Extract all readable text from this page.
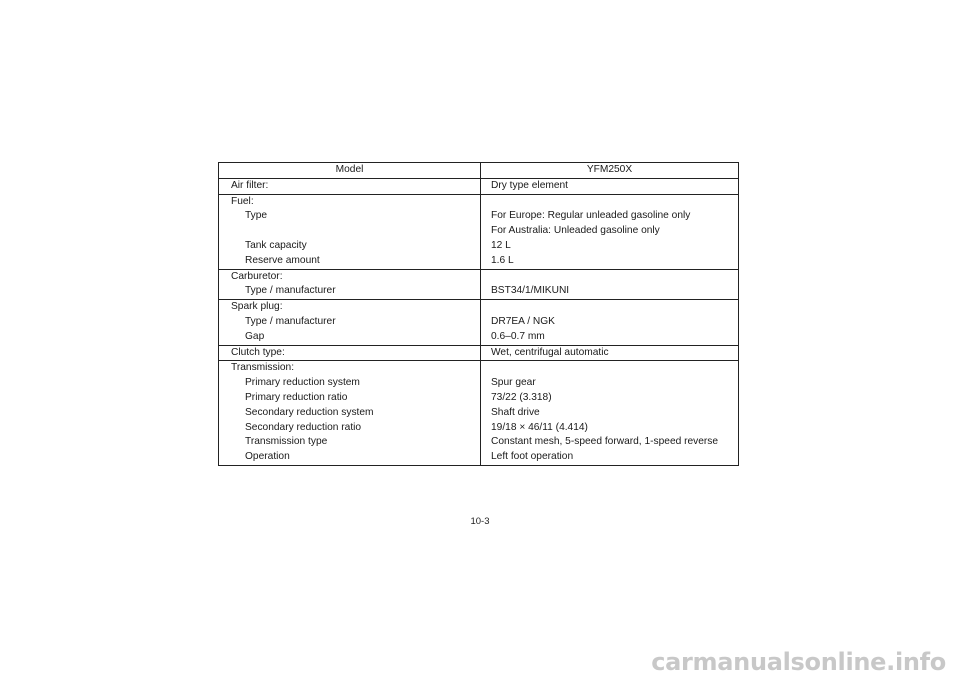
Model	YFM250X
Air filter:	Dry type element
Fuel:	
Type	For Europe: Regular unleaded gasoline only
	For Australia: Unleaded gasoline only
Tank capacity	12 L
Reserve amount	1.6 L
Carburetor:	
Type / manufacturer	BST34/1/MIKUNI
Spark plug:	
Type / manufacturer	DR7EA / NGK
Gap	0.6–0.7 mm
Clutch type:	Wet, centrifugal automatic
Transmission:	
Primary reduction system	Spur gear
Primary reduction ratio	73/22 (3.318)
Secondary reduction system	Shaft drive
Secondary reduction ratio	19/18 × 46/11 (4.414)
Transmission type	Constant mesh, 5-speed forward, 1-speed reverse
Operation	Left foot operation
10-3
carmanualsonline.info
